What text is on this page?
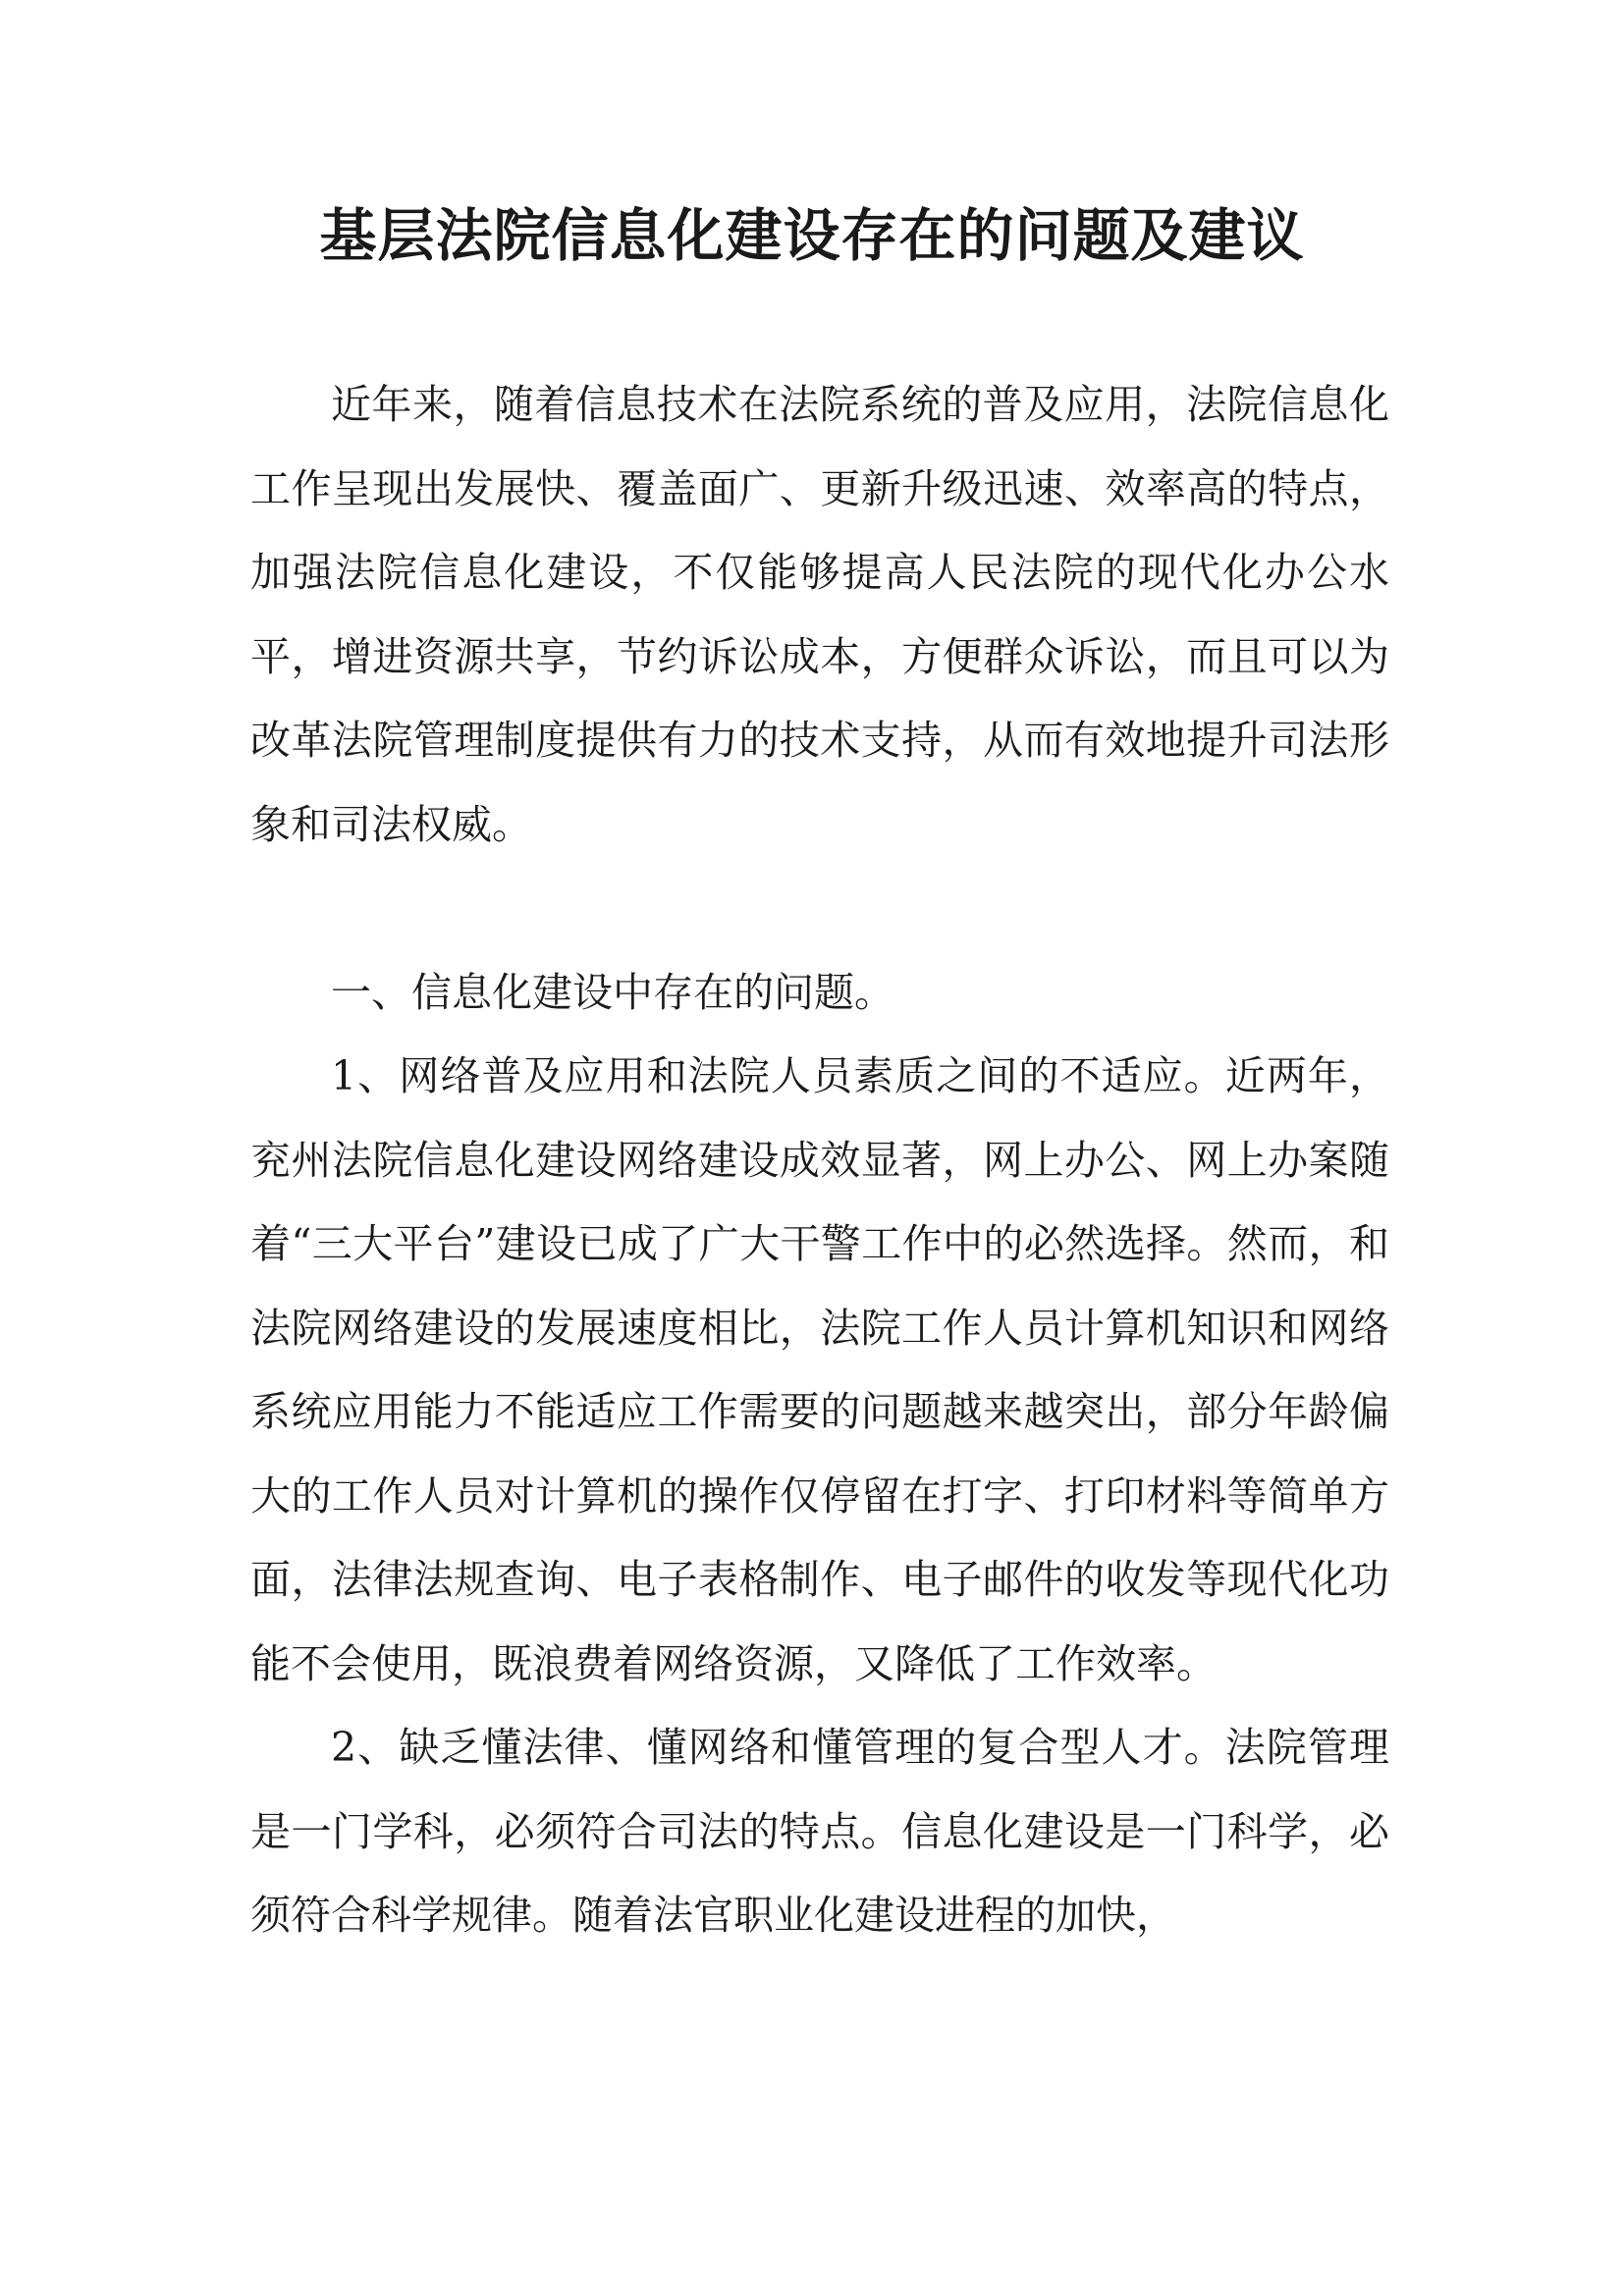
基层法院信息化建设存在的问题及建议

近年来，随着信息技术在法院系统的普及应用，法院信息化工作呈现出发展快、覆盖面广、更新升级迅速、效率高的特点，加强法院信息化建设，不仅能够提高人民法院的现代化办公水平，增进资源共享，节约诉讼成本，方便群众诉讼，而且可以为改革法院管理制度提供有力的技术支持，从而有效地提升司法形象和司法权威。

一、信息化建设中存在的问题。

1、网络普及应用和法院人员素质之间的不适应。近两年，兖州法院信息化建设网络建设成效显著，网上办公、网上办案随着“三大平台”建设已成了广大干警工作中的必然选择。然而，和法院网络建设的发展速度相比，法院工作人员计算机知识和网络系统应用能力不能适应工作需要的问题越来越突出，部分年龄偏大的工作人员对计算机的操作仅停留在打字、打印材料等简单方面，法律法规查询、电子表格制作、电子邮件的收发等现代化功能不会使用，既浪费着网络资源，又降低了工作效率。

2、缺乏懂法律、懂网络和懂管理的复合型人才。法院管理是一门学科，必须符合司法的特点。信息化建设是一门科学，必须符合科学规律。随着法官职业化建设进程的加快，
